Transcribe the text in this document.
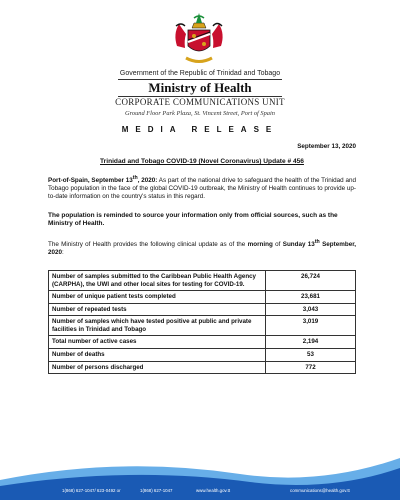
Government of the Republic of Trinidad and Tobago
Ministry of Health
CORPORATE COMMUNICATIONS UNIT
Ground Floor Park Plaza, St. Vincent Street, Port of Spain
MEDIA RELEASE
September 13, 2020
Trinidad and Tobago COVID-19 (Novel Coronavirus) Update # 456
Port-of-Spain, September 13th, 2020: As part of the national drive to safeguard the health of the Trinidad and Tobago population in the face of the global COVID-19 outbreak, the Ministry of Health continues to provide up-to-date information on the country's status in this regard.
The population is reminded to source your information only from official sources, such as the Ministry of Health.
The Ministry of Health provides the following clinical update as of the morning of Sunday 13th September, 2020:
Number of samples submitted to the Caribbean Public Health Agency (CARPHA), the UWI and other local sites for testing for COVID-19.	26,724
Number of unique patient tests completed	23,681
Number of repeated tests	3,043
Number of samples which have tested positive at public and private facilities in Trinidad and Tobago	3,019
Total number of active cases	2,194
Number of deaths	53
Number of persons discharged	772
1(868) 627-1047/ 623-0492 or	1(868) 627-1047	www.health.gov.tt	communications@health.gov.tt
